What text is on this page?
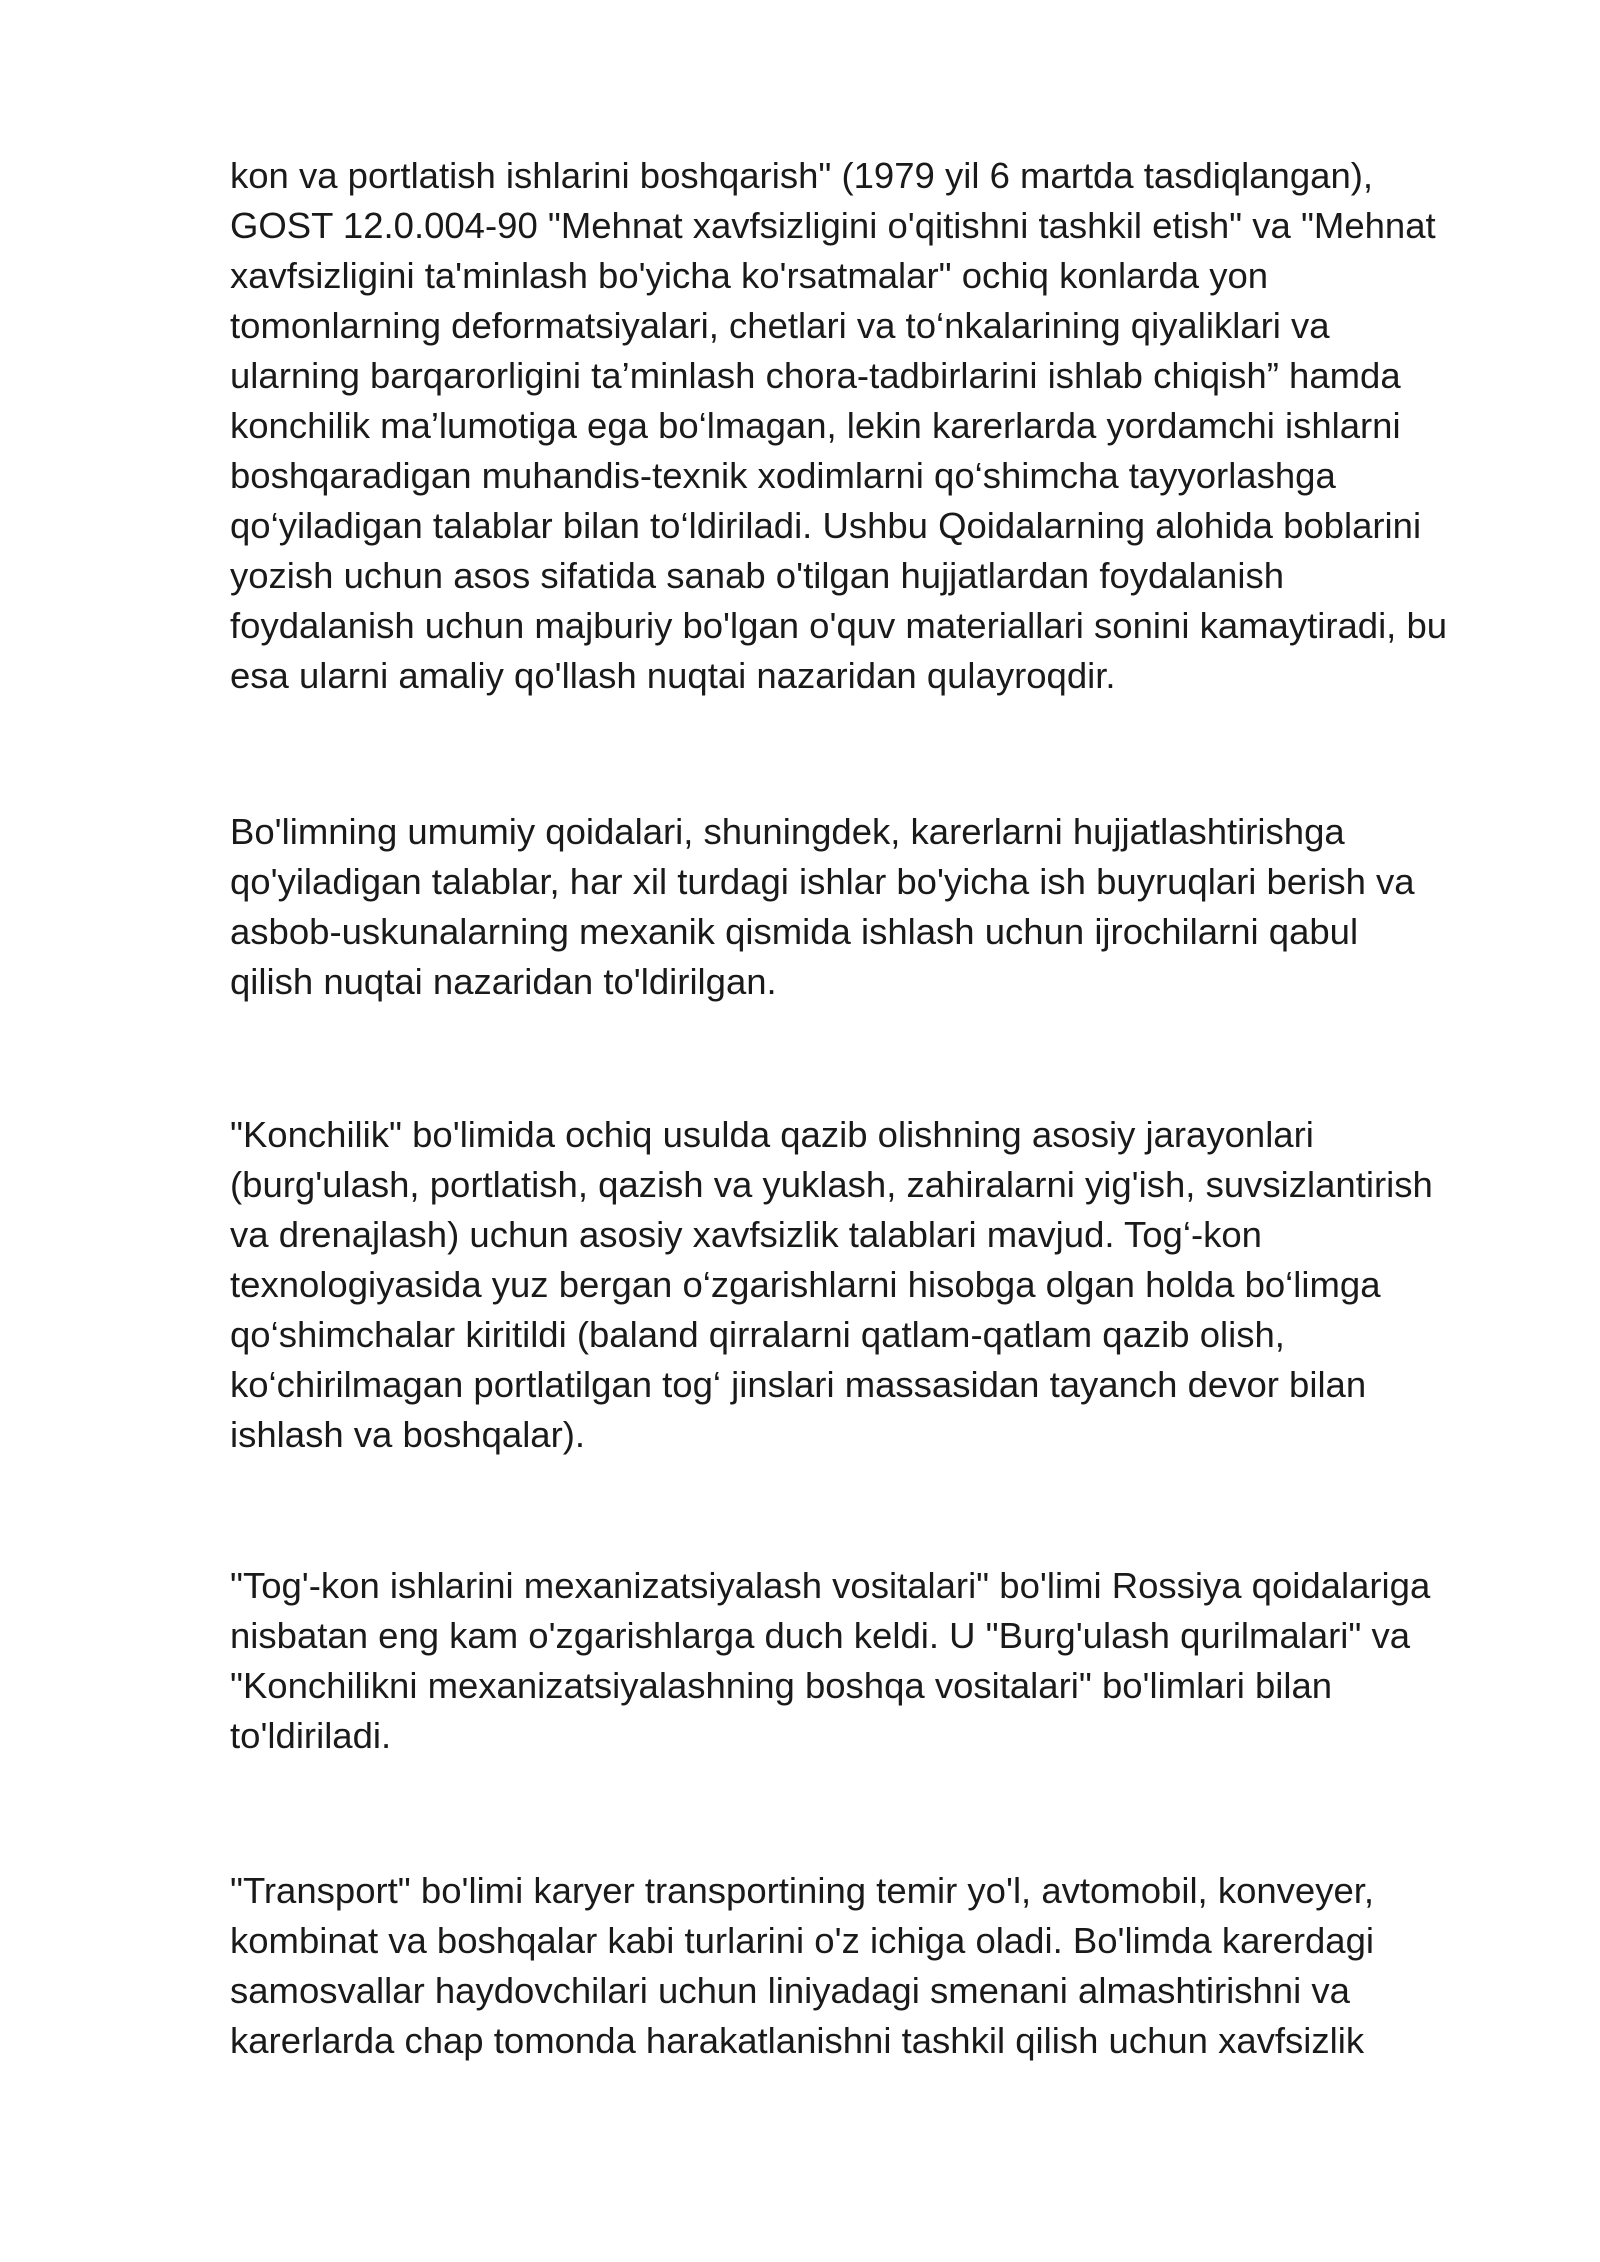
kon va portlatish ishlarini boshqarish" (1979 yil 6 martda tasdiqlangan),
GOST 12.0.004-90 "Mehnat xavfsizligini o'qitishni tashkil etish" va "Mehnat
xavfsizligini ta'minlash bo'yicha ko'rsatmalar" ochiq konlarda yon
tomonlarning deformatsiyalari, chetlari va to‘nkalarining qiyaliklari va
ularning barqarorligini ta’minlash chora-tadbirlarini ishlab chiqish” hamda
konchilik ma’lumotiga ega bo‘lmagan, lekin karerlarda yordamchi ishlarni
boshqaradigan muhandis-texnik xodimlarni qo‘shimcha tayyorlashga
qo‘yiladigan talablar bilan to‘ldiriladi. Ushbu Qoidalarning alohida boblarini
yozish uchun asos sifatida sanab o'tilgan hujjatlardan foydalanish
foydalanish uchun majburiy bo'lgan o'quv materiallari sonini kamaytiradi, bu
esa ularni amaliy qo'llash nuqtai nazaridan qulayroqdir.

Bo'limning umumiy qoidalari, shuningdek, karerlarni hujjatlashtirishga
qo'yiladigan talablar, har xil turdagi ishlar bo'yicha ish buyruqlari berish va
asbob-uskunalarning mexanik qismida ishlash uchun ijrochilarni qabul
qilish nuqtai nazaridan to'ldirilgan.

"Konchilik" bo'limida ochiq usulda qazib olishning asosiy jarayonlari
(burg'ulash, portlatish, qazish va yuklash, zahiralarni yig'ish, suvsizlantirish
va drenajlash) uchun asosiy xavfsizlik talablari mavjud. Tog‘-kon
texnologiyasida yuz bergan o‘zgarishlarni hisobga olgan holda bo‘limga
qo‘shimchalar kiritildi (baland qirralarni qatlam-qatlam qazib olish,
ko‘chirilmagan portlatilgan tog‘ jinslari massasidan tayanch devor bilan
ishlash va boshqalar).

"Tog'-kon ishlarini mexanizatsiyalash vositalari" bo'limi Rossiya qoidalariga
nisbatan eng kam o'zgarishlarga duch keldi. U "Burg'ulash qurilmalari" va
"Konchilikni mexanizatsiyalashning boshqa vositalari" bo'limlari bilan
to'ldiriladi.

"Transport" bo'limi karyer transportining temir yo'l, avtomobil, konveyer,
kombinat va boshqalar kabi turlarini o'z ichiga oladi. Bo'limda karerdagi
samosvallar haydovchilari uchun liniyadagi smenani almashtirishni va
karerlarda chap tomonda harakatlanishni tashkil qilish uchun xavfsizlik
